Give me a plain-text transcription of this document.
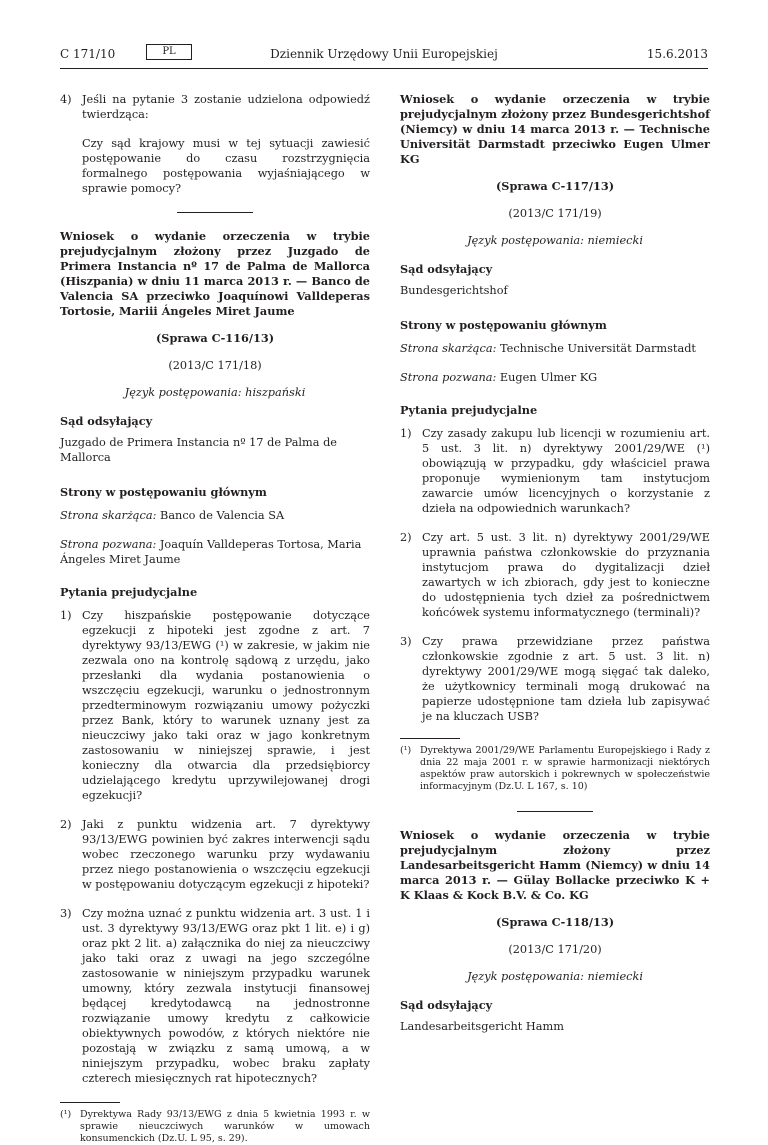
C 171/10	PL	Dziennik Urzędowy Unii Europejskiej	15.6.2013
4) Jeśli na pytanie 3 zostanie udzielona odpowiedź twierdząca:

Czy sąd krajowy musi w tej sytuacji zawiesić postępowanie do czasu rozstrzygnięcia formalnego postępowania wyjaśniającego w sprawie pomocy?

Wniosek o wydanie orzeczenia w trybie prejudycjalnym złożony przez Juzgado de Primera Instancia nº 17 de Palma de Mallorca (Hiszpania) w dniu 11 marca 2013 r. — Banco de Valencia SA przeciwko Joaquínowi Valldeperas Tortosie, Mariii Ángeles Miret Jaume

(Sprawa C-116/13)

(2013/C 171/18)

Język postępowania: hiszpański

Sąd odsyłający

Juzgado de Primera Instancia nº 17 de Palma de Mallorca

Strony w postępowaniu głównym

Strona skarżąca: Banco de Valencia SA

Strona pozwana: Joaquín Valldeperas Tortosa, Maria Ángeles Miret Jaume

Pytania prejudycjalne

1) Czy hiszpańskie postępowanie dotyczące egzekucji z hipoteki jest zgodne z art. 7 dyrektywy 93/13/EWG (¹) w zakresie, w jakim nie zezwala ono na kontrolę sądową z urzędu, jako przesłanki dla wydania postanowienia o wszczęciu egzekucji, warunku o jednostronnym przedterminowym rozwiązaniu umowy pożyczki przez Bank, który to warunek uznany jest za nieuczciwy jako taki oraz w jago konkretnym zastosowaniu w niniejszej sprawie, i jest konieczny dla otwarcia dla przedsiębiorcy udzielającego kredytu uprzywilejowanej drogi egzekucji?

2) Jaki z punktu widzenia art. 7 dyrektywy 93/13/EWG powinien być zakres interwencji sądu wobec rzeczonego warunku przy wydawaniu przez niego postanowienia o wszczęciu egzekucji w postępowaniu dotyczącym egzekucji z hipoteki?

3) Czy można uznać z punktu widzenia art. 3 ust. 1 i ust. 3 dyrektywy 93/13/EWG oraz pkt 1 lit. e) i g) oraz pkt 2 lit. a) załącznika do niej za nieuczciwy jako taki oraz z uwagi na jego szczególne zastosowanie w niniejszym przypadku warunek umowny, który zezwala instytucji finansowej będącej kredytodawcą na jednostronne rozwiązanie umowy kredytu z całkowicie obiektywnych powodów, z których niektóre nie pozostają w związku z samą umową, a w niniejszym przypadku, wobec braku zapłaty czterech miesięcznych rat hipotecznych?

(¹) Dyrektywa Rady 93/13/EWG z dnia 5 kwietnia 1993 r. w sprawie nieuczciwych warunków w umowach konsumenckich (Dz.U. L 95, s. 29).

Wniosek o wydanie orzeczenia w trybie prejudycjalnym złożony przez Bundesgerichtshof (Niemcy) w dniu 14 marca 2013 r. — Technische Universität Darmstadt przeciwko Eugen Ulmer KG

(Sprawa C-117/13)

(2013/C 171/19)

Język postępowania: niemiecki

Sąd odsyłający

Bundesgerichtshof

Strony w postępowaniu głównym

Strona skarżąca: Technische Universität Darmstadt

Strona pozwana: Eugen Ulmer KG

Pytania prejudycjalne

1) Czy zasady zakupu lub licencji w rozumieniu art. 5 ust. 3 lit. n) dyrektywy 2001/29/WE (¹) obowiązują w przypadku, gdy właściciel prawa proponuje wymienionym tam instytucjom zawarcie umów licencyjnych o korzystanie z dzieła na odpowiednich warunkach?

2) Czy art. 5 ust. 3 lit. n) dyrektywy 2001/29/WE uprawnia państwa członkowskie do przyznania instytucjom prawa do dygitalizacji dzieł zawartych w ich zbiorach, gdy jest to konieczne do udostępnienia tych dzieł za pośrednictwem końcówek systemu informatycznego (terminali)?

3) Czy prawa przewidziane przez państwa członkowskie zgodnie z art. 5 ust. 3 lit. n) dyrektywy 2001/29/WE mogą sięgać tak daleko, że użytkownicy terminali mogą drukować na papierze udostępnione tam dzieła lub zapisywać je na kluczach USB?

(¹) Dyrektywa 2001/29/WE Parlamentu Europejskiego i Rady z dnia 22 maja 2001 r. w sprawie harmonizacji niektórych aspektów praw autorskich i pokrewnych w społeczeństwie informacyjnym (Dz.U. L 167, s. 10)

Wniosek o wydanie orzeczenia w trybie prejudycjalnym złożony przez Landesarbeitsgericht Hamm (Niemcy) w dniu 14 marca 2013 r. — Gülay Bollacke przeciwko K + K Klaas & Kock B.V. & Co. KG

(Sprawa C-118/13)

(2013/C 171/20)

Język postępowania: niemiecki

Sąd odsyłający

Landesarbeitsgericht Hamm
